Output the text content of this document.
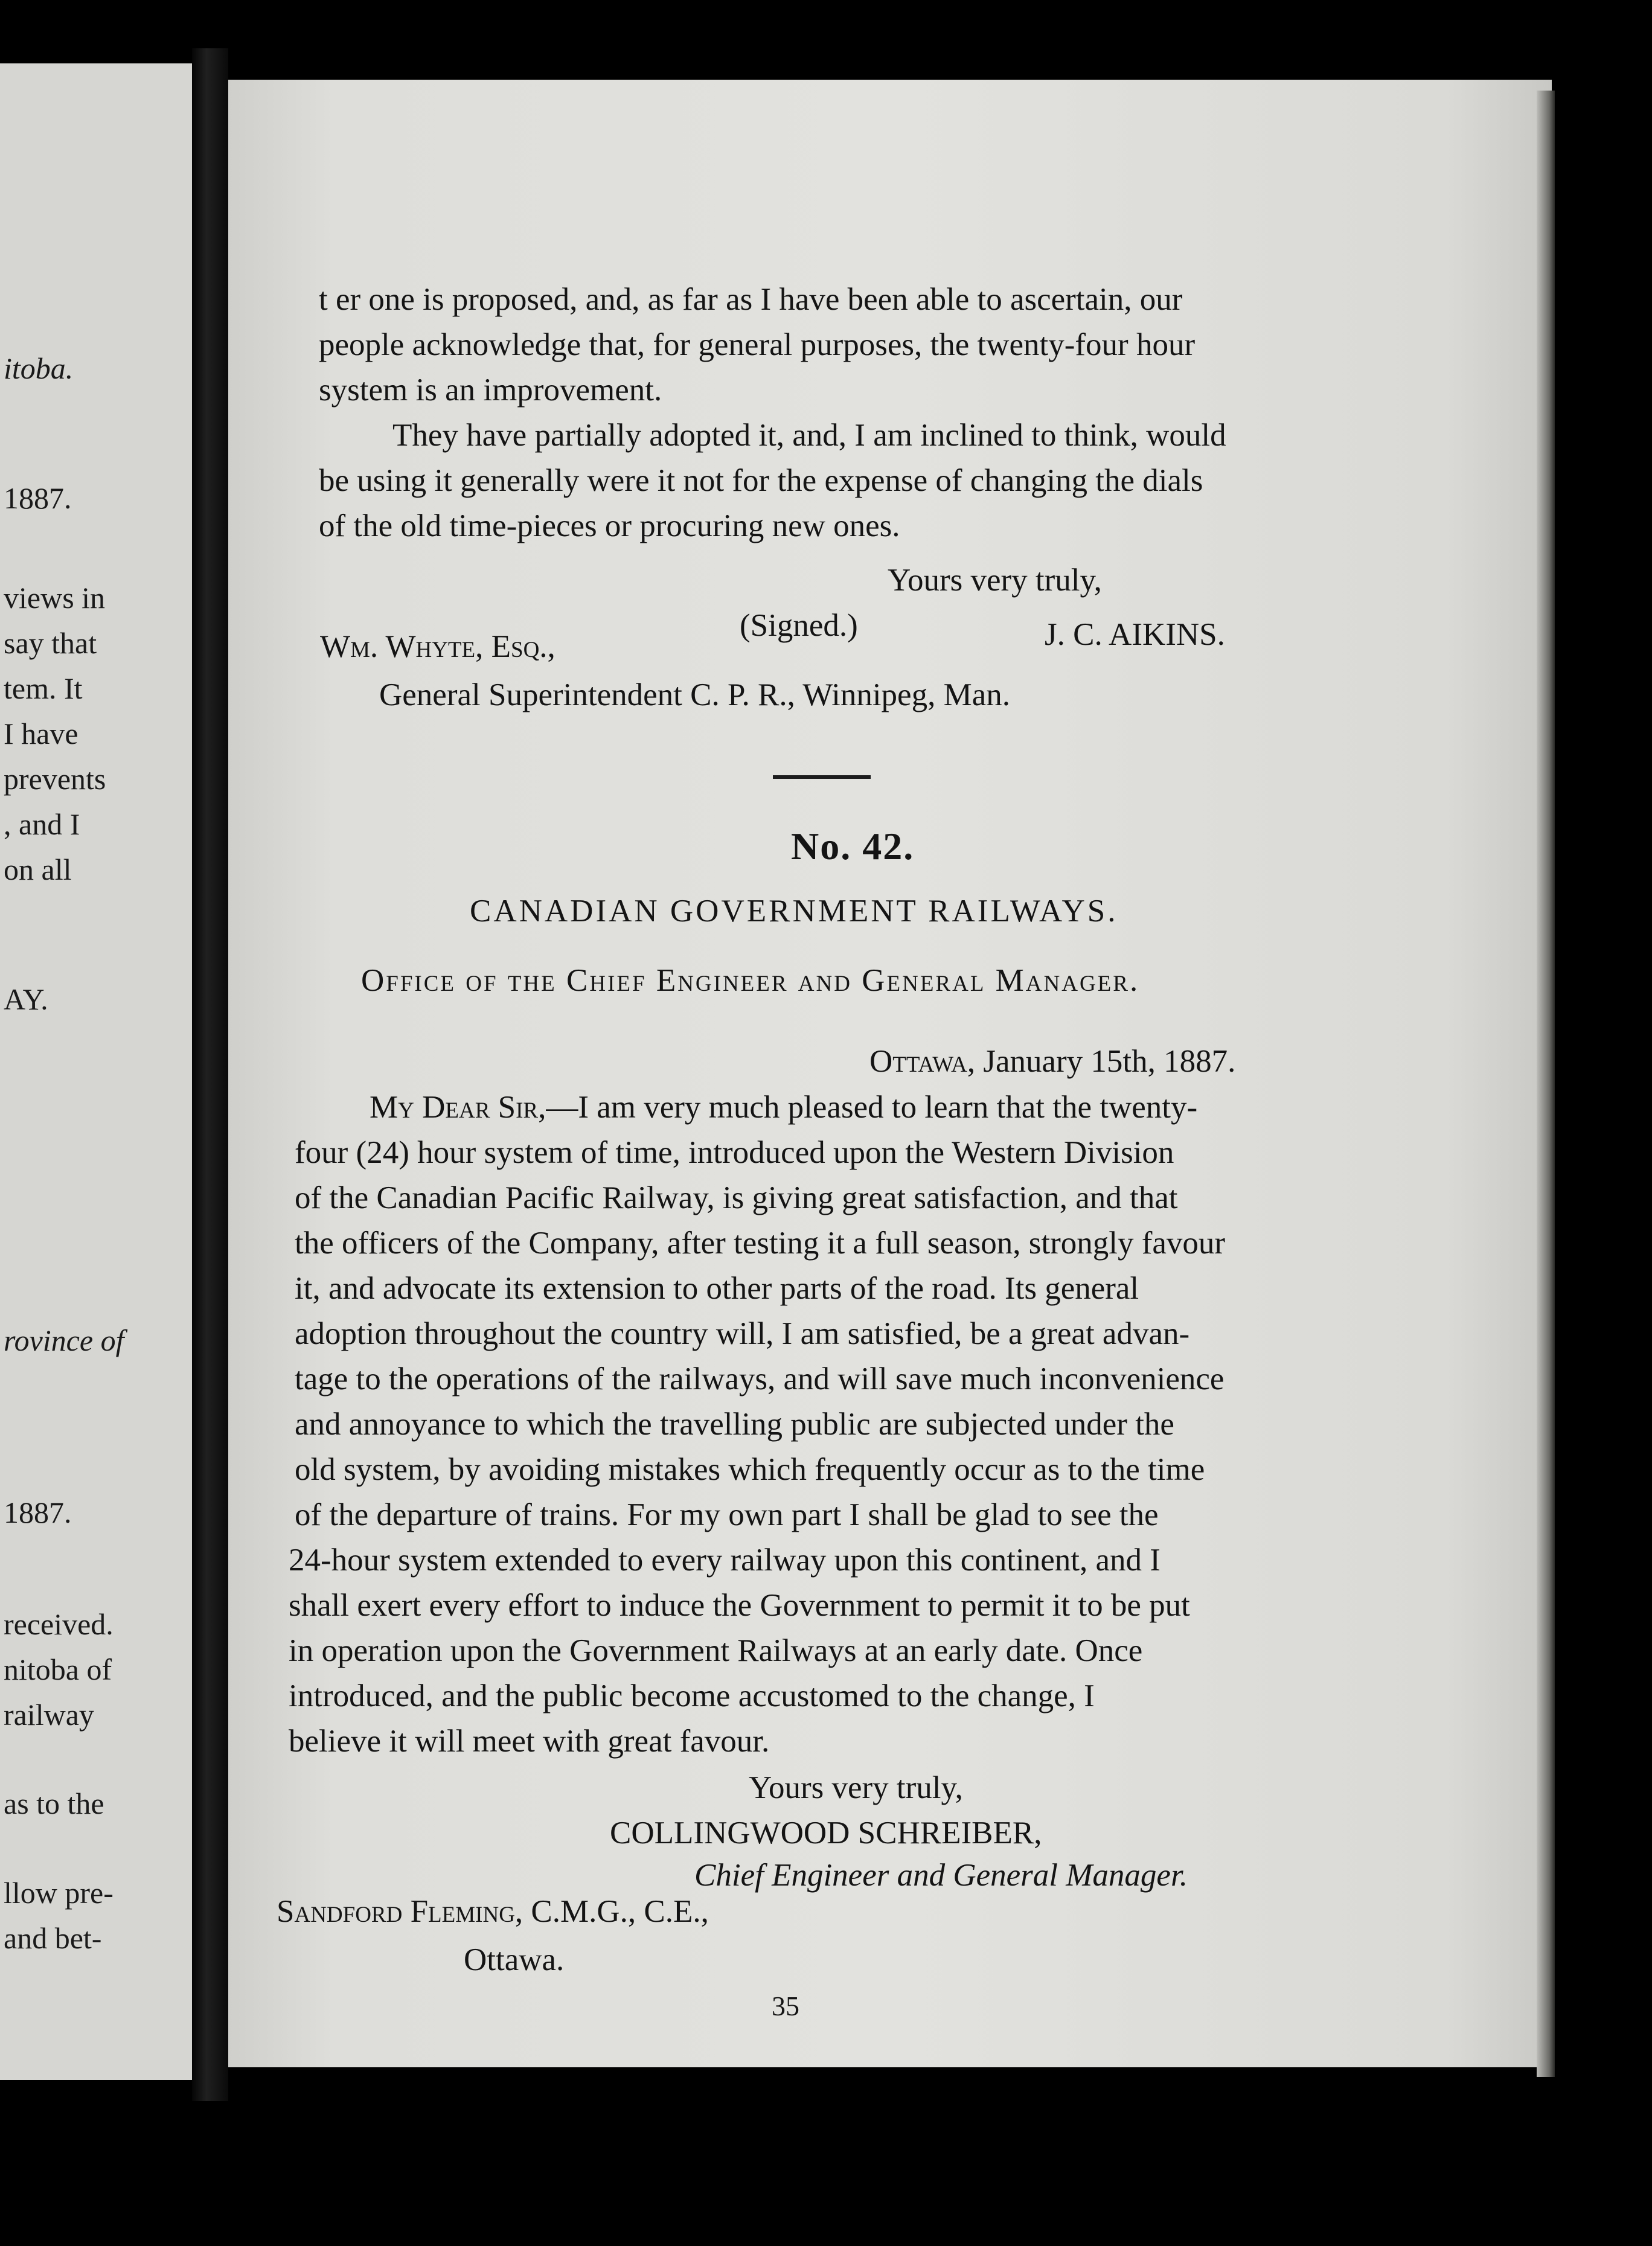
itoba.
1887.
views in
say that
tem. It
I have
prevents
, and I
on all
AY.
rovince of
1887.
received.
nitoba of
railway
as to the
llow pre-
and bet-
t er one is proposed, and, as far as I have been able to ascertain, our
people acknowledge that, for general purposes, the twenty-four hour
system is an improvement.
They have partially adopted it, and, I am inclined to think, would
be using it generally were it not for the expense of changing the dials
of the old time-pieces or procuring new ones.
Yours very truly,
(Signed.)	J. C. AIKINS.
Wm. Whyte, Esq.,
General Superintendent C. P. R., Winnipeg, Man.
No. 42.
CANADIAN GOVERNMENT RAILWAYS.
Office of the Chief Engineer and General Manager.
Ottawa, January 15th, 1887.
My Dear Sir,—I am very much pleased to learn that the twenty-
four (24) hour system of time, introduced upon the Western Division
of the Canadian Pacific Railway, is giving great satisfaction, and that
the officers of the Company, after testing it a full season, strongly favour
it, and advocate its extension to other parts of the road. Its general
adoption throughout the country will, I am satisfied, be a great advan-
tage to the operations of the railways, and will save much inconvenience
and annoyance to which the travelling public are subjected under the
old system, by avoiding mistakes which frequently occur as to the time
of the departure of trains. For my own part I shall be glad to see the
24-hour system extended to every railway upon this continent, and I
shall exert every effort to induce the Government to permit it to be put
in operation upon the Government Railways at an early date. Once
introduced, and the public become accustomed to the change, I
believe it will meet with great favour.
Yours very truly,
COLLINGWOOD SCHREIBER,
Chief Engineer and General Manager.
Sandford Fleming, C.M.G., C.E.,
Ottawa.
35
